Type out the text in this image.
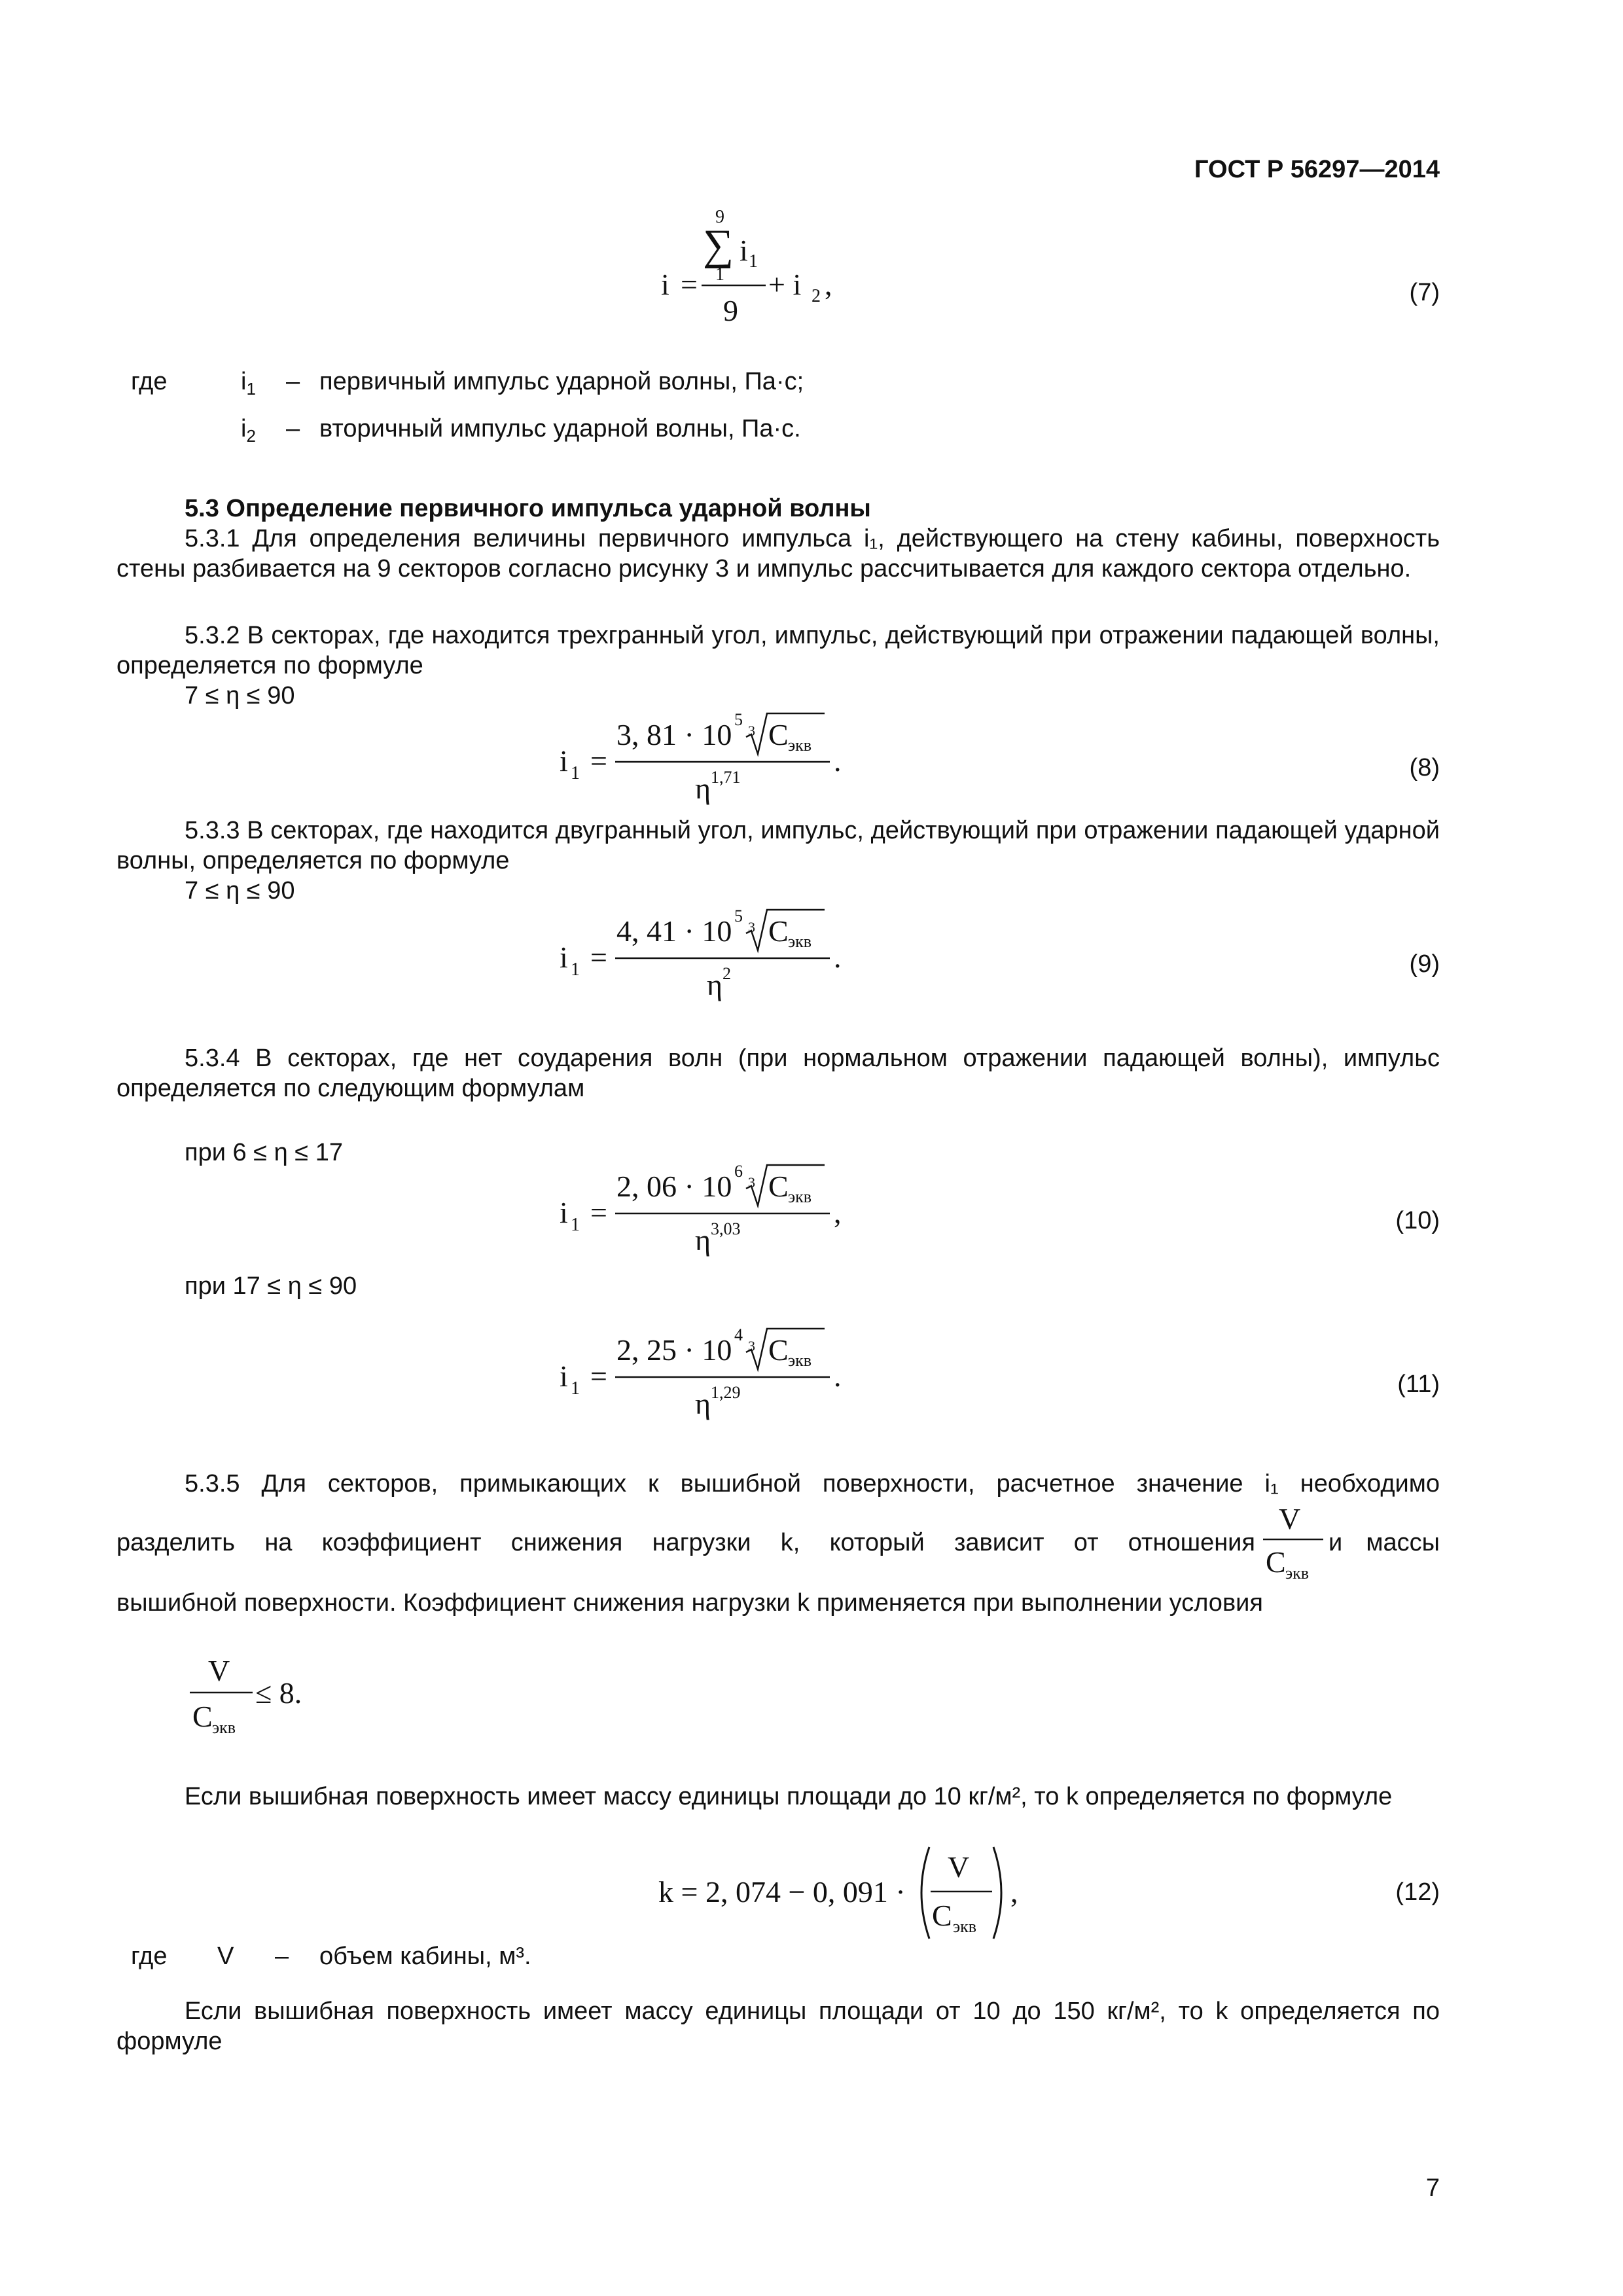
ГОСТ Р 56297—2014
i =
9
∑
1
i 1
9
+ i 2 ,	(7)
где	$i_1$ – первичный импульс ударной волны, Па·с;
$i_2$ – вторичный импульс ударной волны, Па·с.
5.3 Определение первичного импульса ударной волны
5.3.1 Для определения величины первичного импульса i₁, действующего на стену кабины, поверхность стены разбивается на 9 секторов согласно рисунку 3 и импульс рассчитывается для каждого сектора отдельно.
5.3.2 В секторах, где находится трехгранный угол, импульс, действующий при отражении падающей волны, определяется по формуле
7 ≤ η ≤ 90
i 1 =
3, 81 · 10 5
3 C экв
η 1,71	.	(8)
5.3.3 В секторах, где находится двугранный угол, импульс, действующий при отражении падающей ударной волны, определяется по формуле
7 ≤ η ≤ 90
i 1 =
4, 41 · 10 5
3 C экв
η 2	.	(9)
5.3.4 В секторах, где нет соударения волн (при нормальном отражении падающей волны), импульс определяется по следующим формулам
при 6 ≤ η ≤ 17
i 1 =
2, 06 · 10 6
3 C экв
η 3,03	,	(10)
при 17 ≤ η ≤ 90
i 1 =
2, 25 · 10 4
3 C экв
η 1,29	.	(11)
5.3.5 Для секторов, примыкающих к вышибной поверхности, расчетное значение i₁ необходимо
разделить на коэффициент снижения нагрузки k, который зависит от отношения
V
C экв
и массы
вышибной поверхности. Коэффициент снижения нагрузки k применяется при выполнении условия
V
C экв
≤ 8.
Если вышибная поверхность имеет массу единицы площади до 10 кг/м², то k определяется по формуле
k = 2, 074 − 0, 091 ·
V
C экв
,	(12)
где V – объем кабины, м³.
Если вышибная поверхность имеет массу единицы площади от 10 до 150 кг/м², то k определяется по формуле
7
